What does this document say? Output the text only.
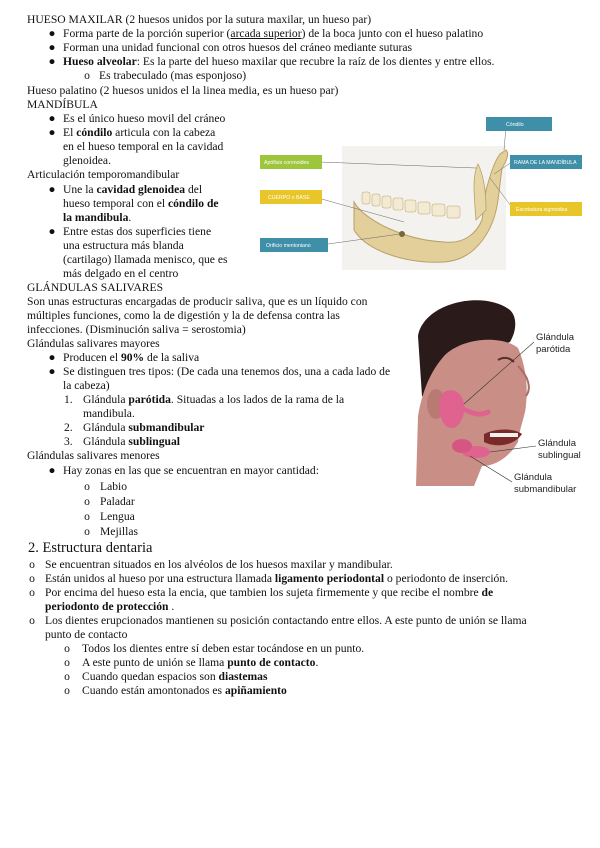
HUESO MAXILAR (2 huesos unidos por la sutura maxilar, un hueso par)
● Forma parte de la porción superior (arcada superior) de la boca junto con el hueso palatino
● Forman una unidad funcional con otros huesos del cráneo mediante suturas
● Hueso alveolar: Es la parte del hueso maxilar que recubre la raíz de los dientes y entre ellos.
o Es trabeculado (mas esponjoso)
Hueso palatino (2 huesos unidos el la linea media, es un hueso par)
MANDÍBULA
● Es el único hueso movil del cráneo
● El cóndilo articula con la cabeza
en el hueso temporal en la cavidad
glenoidea.
Articulación temporomandibular
● Une la cavidad glenoidea del
hueso temporal con el cóndilo de
la mandibula.
● Entre estas dos superficies tiene
una estructura más blanda
(cartilago) llamada menisco, que es
más delgado en el centro
Cóndilo
Apófisis coronoides	RAMA DE LA MANDÍBULA
CUERPO o BASE
Escotadura sigmoidea
Orificio mentoniano
GLÁNDULAS SALIVARES
Son unas estructuras encargadas de producir saliva, que es un líquido con
múltiples funciones, como la de digestión y la de defensa contra las
infecciones. (Disminución saliva = serostomia)
Glándulas salivares mayores
● Producen el 90% de la saliva
● Se distinguen tres tipos: (De cada una tenemos dos, una a cada lado de
la cabeza)
1. Glándula parótida. Situadas a los lados de la rama de la
mandibula.
2. Glándula submandibular
3. Glándula sublingual
Glándulas salivares menores
● Hay zonas en las que se encuentran en mayor cantidad:
o Labio
o Paladar
o Lengua
o Mejillas
Glándula
parótida
Glándula
sublingual
Glándula
submandibular
2. Estructura dentaria
o Se encuentran situados en los alvéolos de los huesos maxilar y mandibular.
o Están unidos al hueso por una estructura llamada ligamento periodontal o periodonto de inserción.
o Por encima del hueso esta la encia, que tambien los sujeta firmemente y que recibe el nombre de
periodonto de protección .
o Los dientes erupcionados mantienen su posición contactando entre ellos. A este punto de unión se llama
punto de contacto
o Todos los dientes entre sí deben estar tocándose en un punto.
o A este punto de unión se llama punto de contacto.
o Cuando quedan espacios son diastemas
o Cuando están amontonados es apiñamiento
